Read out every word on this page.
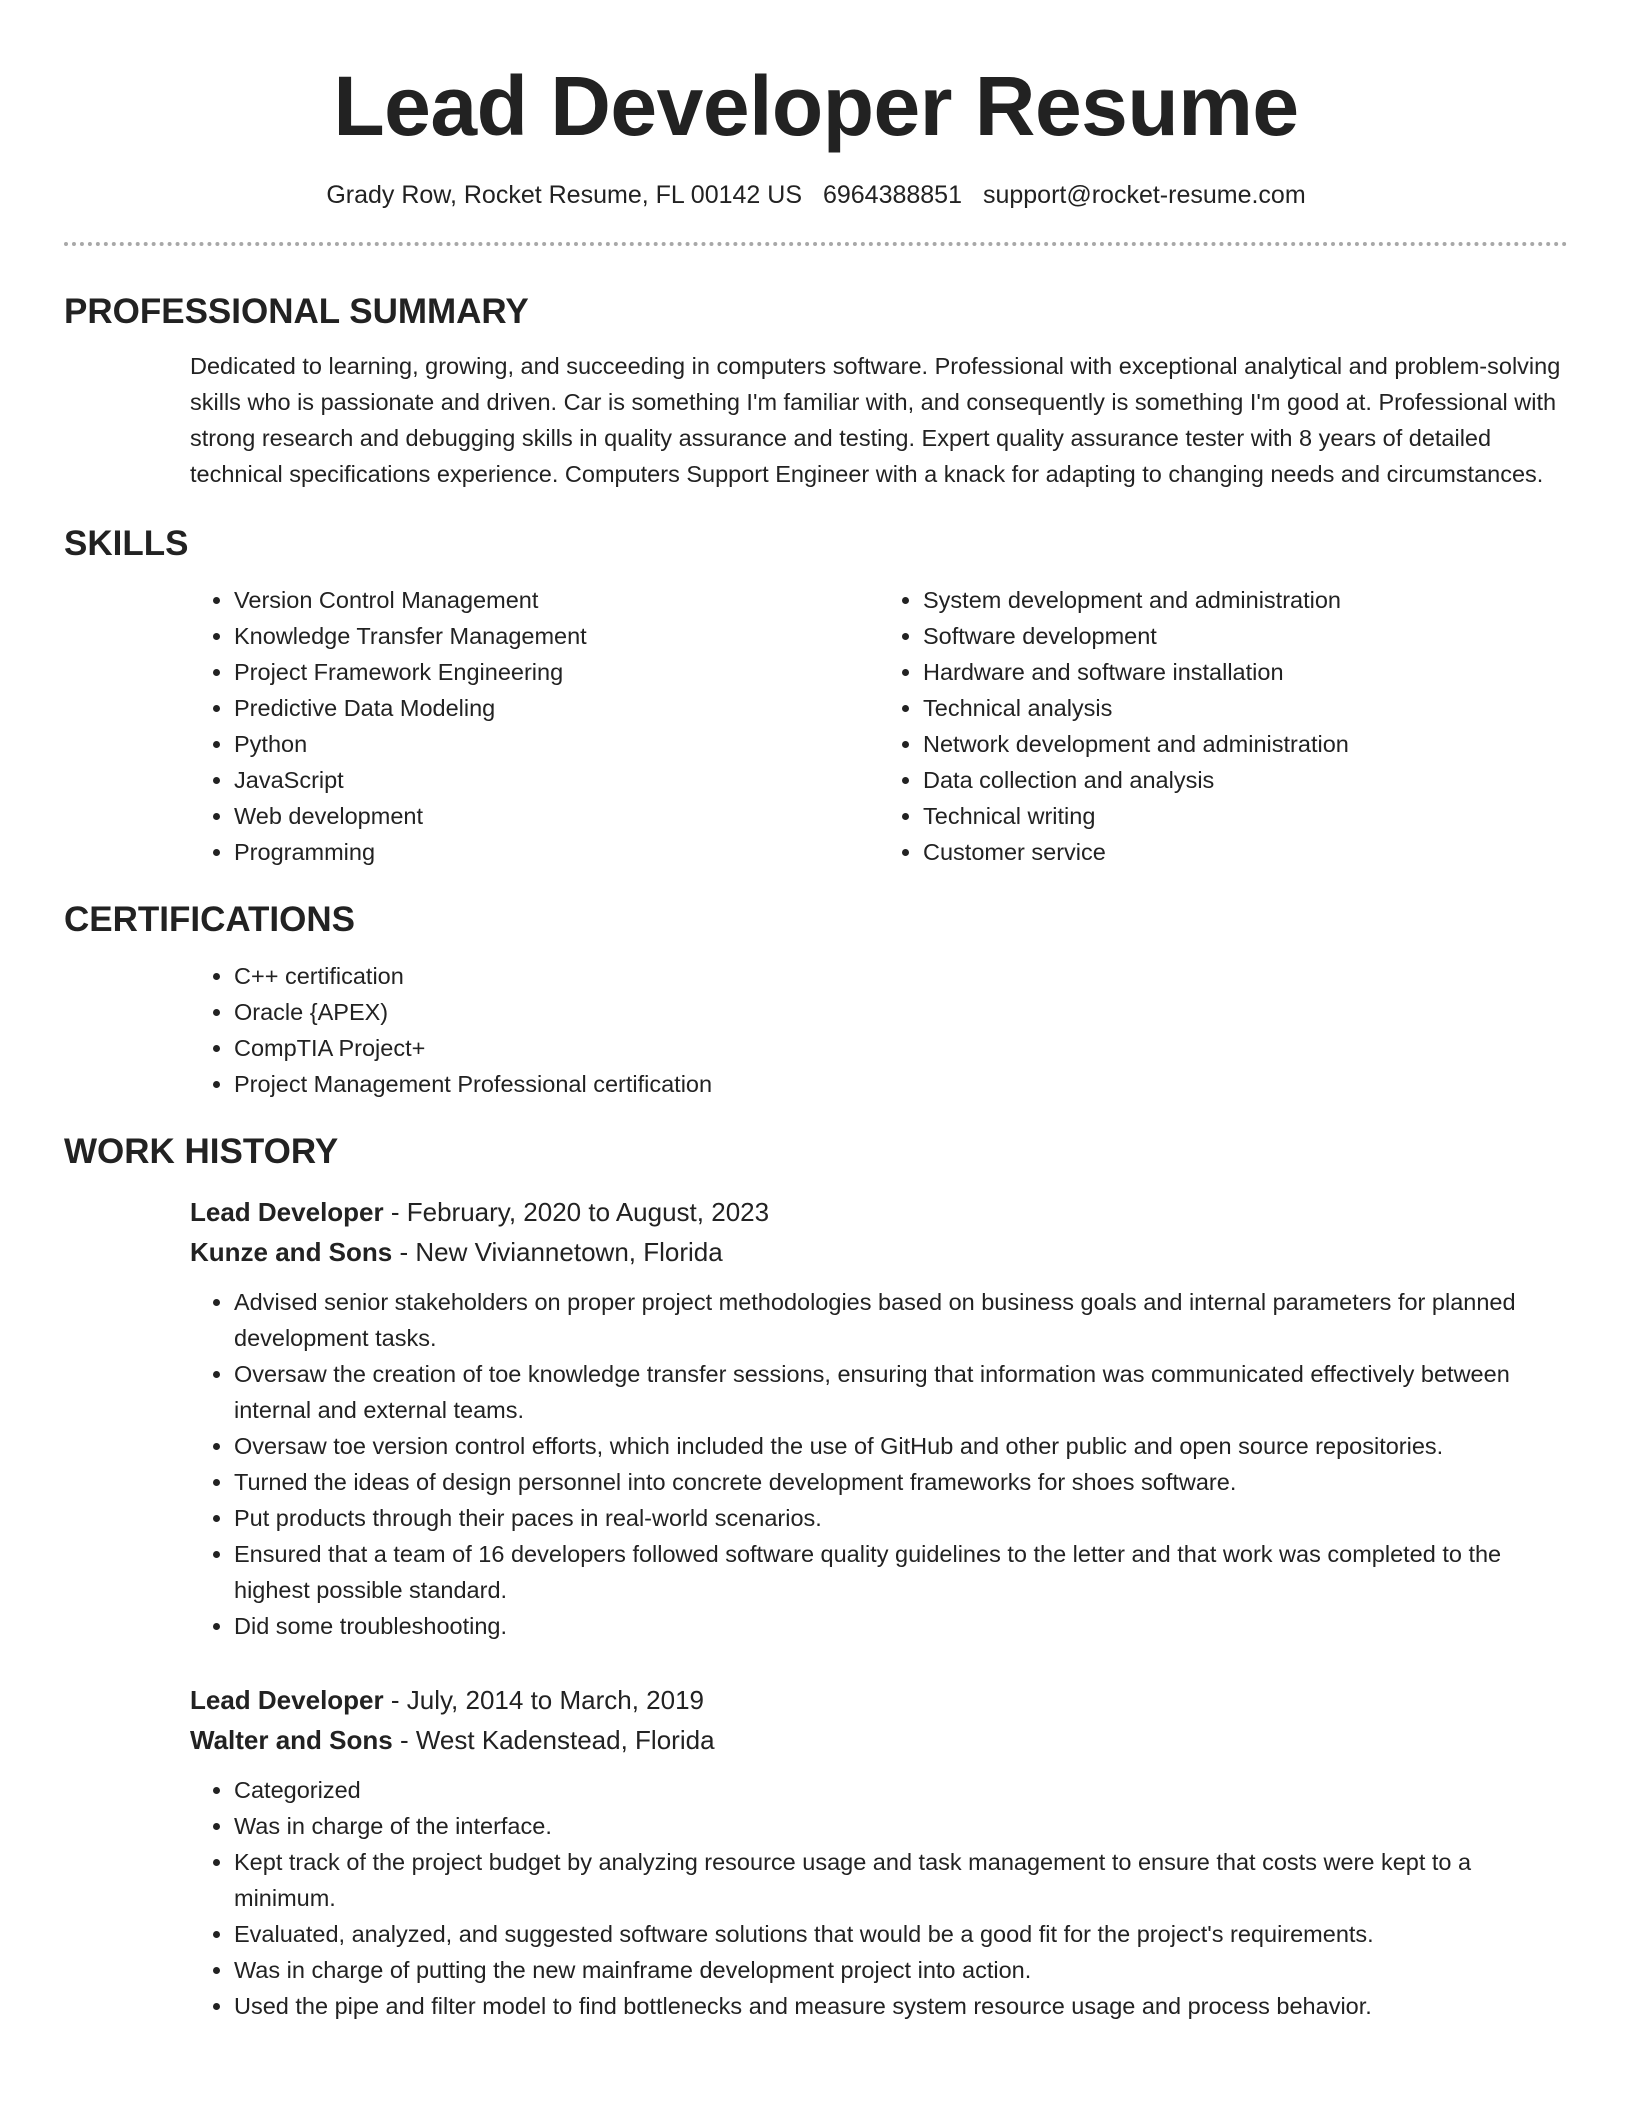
Lead Developer Resume
Grady Row, Rocket Resume, FL 00142 US 6964388851 support@rocket-resume.com
PROFESSIONAL SUMMARY

Dedicated to learning, growing, and succeeding in computers software. Professional with exceptional analytical and problem-solving skills who is passionate and driven. Car is something I'm familiar with, and consequently is something I'm good at. Professional with strong research and debugging skills in quality assurance and testing. Expert quality assurance tester with 8 years of detailed technical specifications experience. Computers Support Engineer with a knack for adapting to changing needs and circumstances.

SKILLS
• Version Control Management
• Knowledge Transfer Management
• Project Framework Engineering
• Predictive Data Modeling
• Python
• JavaScript
• Web development
• Programming
• System development and administration
• Software development
• Hardware and software installation
• Technical analysis
• Network development and administration
• Data collection and analysis
• Technical writing
• Customer service
CERTIFICATIONS
• C++ certification
• Oracle {APEX)
• CompTIA Project+
• Project Management Professional certification
WORK HISTORY
Lead Developer - February, 2020 to August, 2023
Kunze and Sons - New Viviannetown, Florida
• Advised senior stakeholders on proper project methodologies based on business goals and internal parameters for planned development tasks.
• Oversaw the creation of toe knowledge transfer sessions, ensuring that information was communicated effectively between internal and external teams.
• Oversaw toe version control efforts, which included the use of GitHub and other public and open source repositories.
• Turned the ideas of design personnel into concrete development frameworks for shoes software.
• Put products through their paces in real-world scenarios.
• Ensured that a team of 16 developers followed software quality guidelines to the letter and that work was completed to the highest possible standard.
• Did some troubleshooting.
Lead Developer - July, 2014 to March, 2019
Walter and Sons - West Kadenstead, Florida
• Categorized
• Was in charge of the interface.
• Kept track of the project budget by analyzing resource usage and task management to ensure that costs were kept to a minimum.
• Evaluated, analyzed, and suggested software solutions that would be a good fit for the project's requirements.
• Was in charge of putting the new mainframe development project into action.
• Used the pipe and filter model to find bottlenecks and measure system resource usage and process behavior.
